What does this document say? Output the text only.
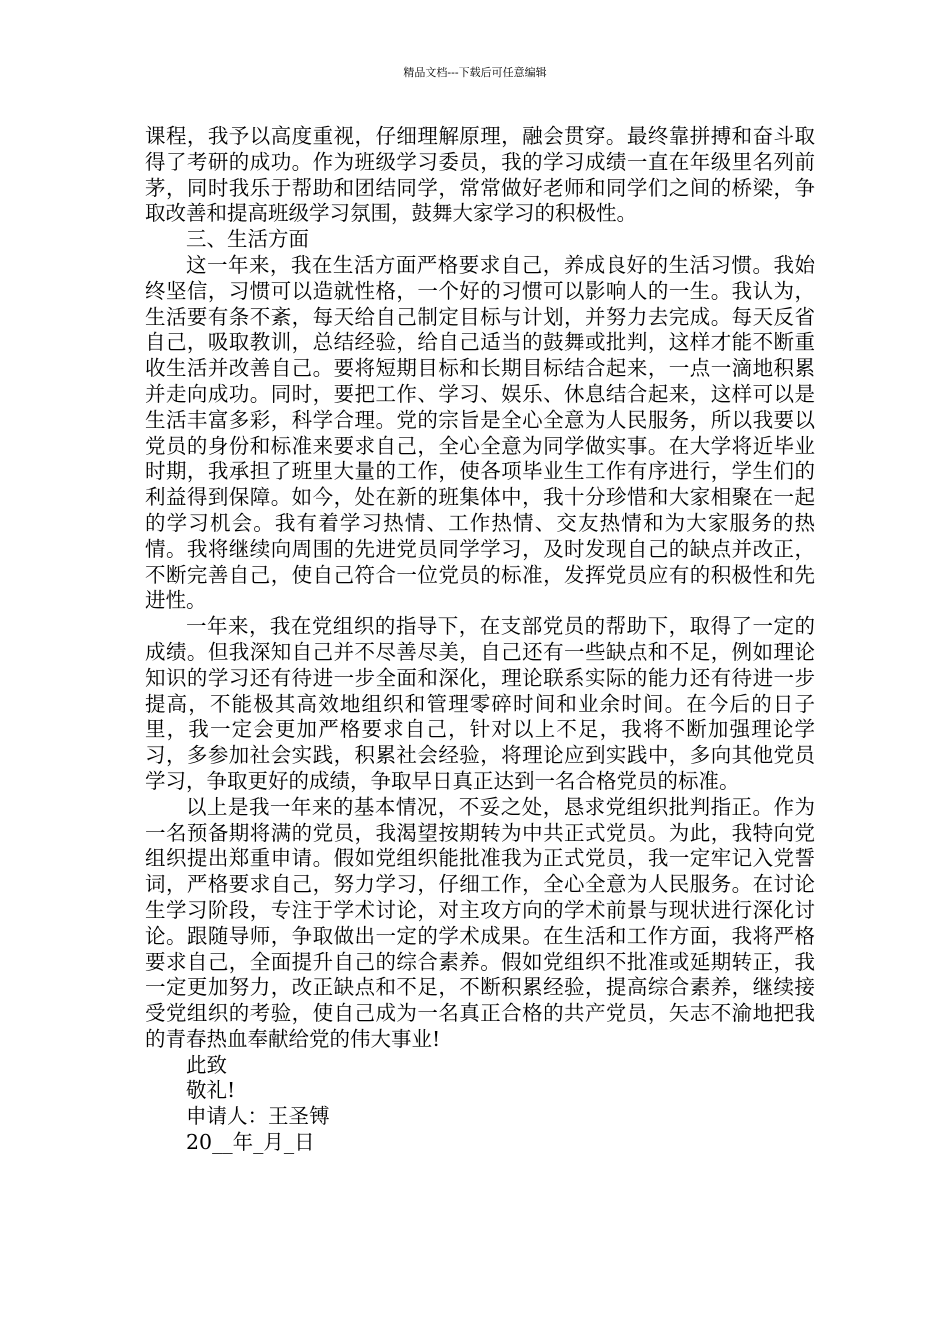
精品文档---下载后可任意编辑

课程，我予以高度重视，仔细理解原理，融会贯穿。最终靠拼搏和奋斗取得了考研的成功。作为班级学习委员，我的学习成绩一直在年级里名列前茅，同时我乐于帮助和团结同学，常常做好老师和同学们之间的桥梁，争取改善和提高班级学习氛围，鼓舞大家学习的积极性。

三、生活方面

这一年来，我在生活方面严格要求自己，养成良好的生活习惯。我始终坚信，习惯可以造就性格，一个好的习惯可以影响人的一生。我认为，生活要有条不紊，每天给自己制定目标与计划，并努力去完成。每天反省自己，吸取教训，总结经验，给自己适当的鼓舞或批判，这样才能不断重收生活并改善自己。要将短期目标和长期目标结合起来，一点一滴地积累并走向成功。同时，要把工作、学习、娱乐、休息结合起来，这样可以是生活丰富多彩，科学合理。党的宗旨是全心全意为人民服务，所以我要以党员的身份和标准来要求自己，全心全意为同学做实事。在大学将近毕业时期，我承担了班里大量的工作，使各项毕业生工作有序进行，学生们的利益得到保障。如今，处在新的班集体中，我十分珍惜和大家相聚在一起的学习机会。我有着学习热情、工作热情、交友热情和为大家服务的热情。我将继续向周围的先进党员同学学习，及时发现自己的缺点并改正，不断完善自己，使自己符合一位党员的标准，发挥党员应有的积极性和先进性。

一年来，我在党组织的指导下，在支部党员的帮助下，取得了一定的成绩。但我深知自己并不尽善尽美，自己还有一些缺点和不足，例如理论知识的学习还有待进一步全面和深化，理论联系实际的能力还有待进一步提高，不能极其高效地组织和管理零碎时间和业余时间。在今后的日子里，我一定会更加严格要求自己，针对以上不足，我将不断加强理论学习，多参加社会实践，积累社会经验，将理论应到实践中，多向其他党员学习，争取更好的成绩，争取早日真正达到一名合格党员的标准。

以上是我一年来的基本情况，不妥之处，恳求党组织批判指正。作为一名预备期将满的党员，我渴望按期转为中共正式党员。为此，我特向党组织提出郑重申请。假如党组织能批准我为正式党员，我一定牢记入党誓词，严格要求自己，努力学习，仔细工作，全心全意为人民服务。在讨论生学习阶段，专注于学术讨论，对主攻方向的学术前景与现状进行深化讨论。跟随导师，争取做出一定的学术成果。在生活和工作方面，我将严格要求自己，全面提升自己的综合素养。假如党组织不批准或延期转正，我一定更加努力，改正缺点和不足，不断积累经验，提高综合素养，继续接受党组织的考验，使自己成为一名真正合格的共产党员，矢志不渝地把我的青春热血奉献给党的伟大事业!

此致

敬礼!

申请人：王圣镈

20__年_月_日
